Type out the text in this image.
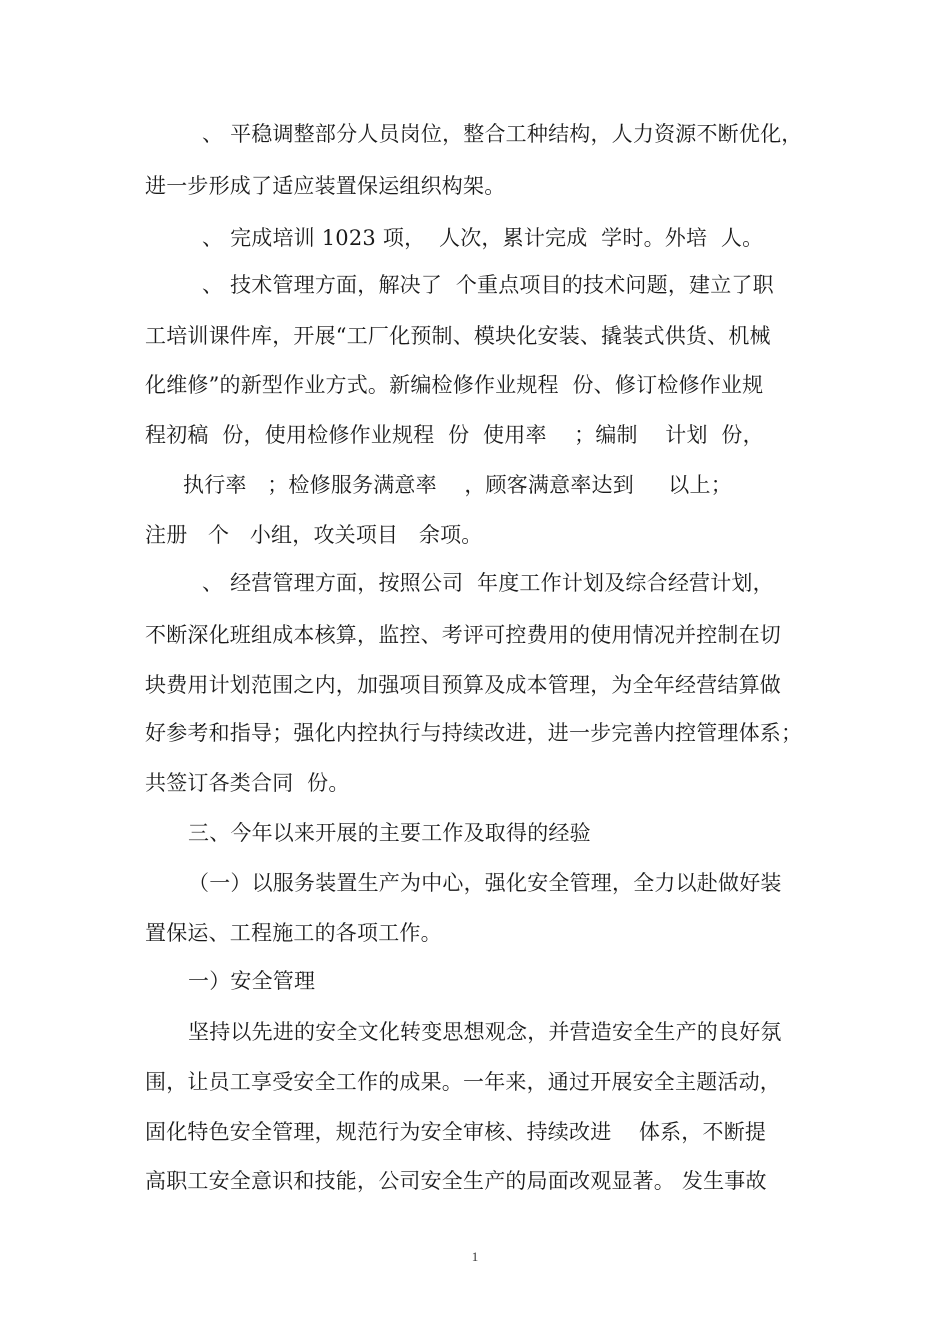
、 平稳调整部分人员岗位，整合工种结构，人力资源不断优化，
进一步形成了适应装置保运组织构架。
、 完成培训 1023 项，  人次，累计完成  学时。外培  人。
、 技术管理方面，解决了  个重点项目的技术问题，建立了职
工培训课件库，开展“工厂化预制、模块化安装、撬装式供货、机械
化维修”的新型作业方式。新编检修作业规程  份、修订检修作业规
程初稿  份，使用检修作业规程  份  使用率    ；编制    计划  份，
执行率   ；检修服务满意率    ，顾客满意率达到     以上；
注册   个   小组，攻关项目   余项。
、 经营管理方面，按照公司  年度工作计划及综合经营计划，
不断深化班组成本核算，监控、考评可控费用的使用情况并控制在切
块费用计划范围之内，加强项目预算及成本管理，为全年经营结算做
好参考和指导；强化内控执行与持续改进，进一步完善内控管理体系；
共签订各类合同  份。
三、今年以来开展的主要工作及取得的经验
（一）以服务装置生产为中心，强化安全管理，全力以赴做好装
置保运、工程施工的各项工作。
一）安全管理
坚持以先进的安全文化转变思想观念，并营造安全生产的良好氛
围，让员工享受安全工作的成果。一年来，通过开展安全主题活动，
固化特色安全管理，规范行为安全审核、持续改进    体系，不断提
高职工安全意识和技能，公司安全生产的局面改观显著。 发生事故
1
